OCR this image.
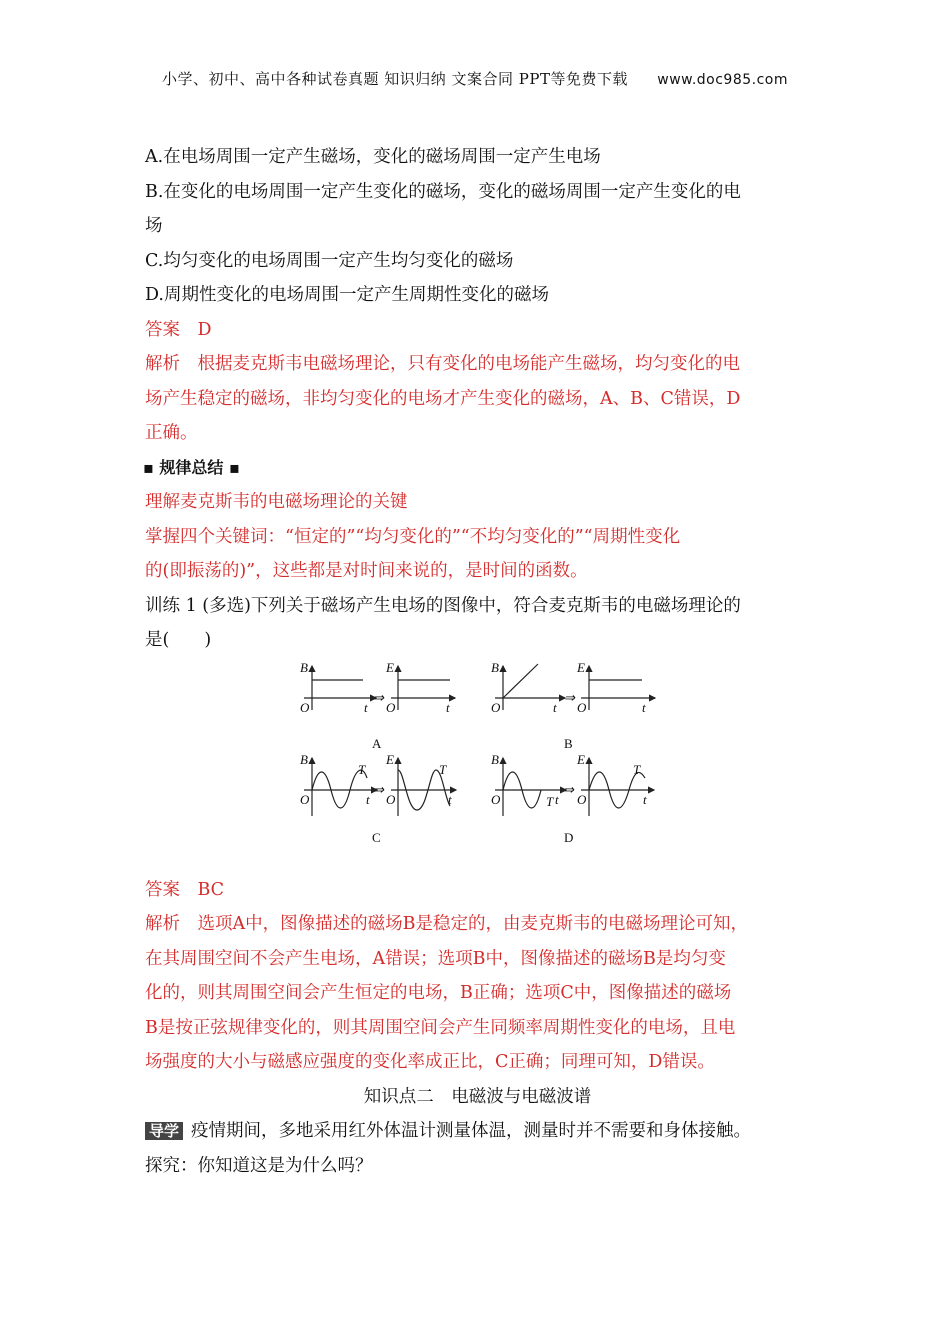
小学、初中、高中各种试卷真题 知识归纳 文案合同 PPT等免费下载 www.doc985.com
A.在电场周围一定产生磁场，变化的磁场周围一定产生电场
B.在变化的电场周围一定产生变化的磁场，变化的磁场周围一定产生变化的电
场
C.均匀变化的电场周围一定产生均匀变化的磁场
D.周期性变化的电场周围一定产生周期性变化的磁场
答案　D
解析　根据麦克斯韦电磁场理论，只有变化的电场能产生磁场，均匀变化的电
场产生稳定的磁场，非均匀变化的电场才产生变化的磁场，A、B、C错误，D
正确。
▪ 规律总结 ▪
理解麦克斯韦的电磁场理论的关键
掌握四个关键词：“恒定的”“均匀变化的”“不均匀变化的”“周期性变化
的(即振荡的)”，这些都是对时间来说的，是时间的函数。
训练 1 (多选)下列关于磁场产生电场的图像中，符合麦克斯韦的电磁场理论的
是(　　)
B
O	t
⇒
E
O	t
B
O	t
⇒
E
O	t
B
O
T
t
⇒
E
O
T
t
B
O	T t
⇒
E
O
T
t
A	B
C	D
答案　BC
解析　选项A中，图像描述的磁场B是稳定的，由麦克斯韦的电磁场理论可知，
在其周围空间不会产生电场，A错误；选项B中，图像描述的磁场B是均匀变
化的，则其周围空间会产生恒定的电场，B正确；选项C中，图像描述的磁场
B是按正弦规律变化的，则其周围空间会产生同频率周期性变化的电场，且电
场强度的大小与磁感应强度的变化率成正比，C正确；同理可知，D错误。
知识点二　电磁波与电磁波谱
导学 疫情期间，多地采用红外体温计测量体温，测量时并不需要和身体接触。
探究：你知道这是为什么吗？
